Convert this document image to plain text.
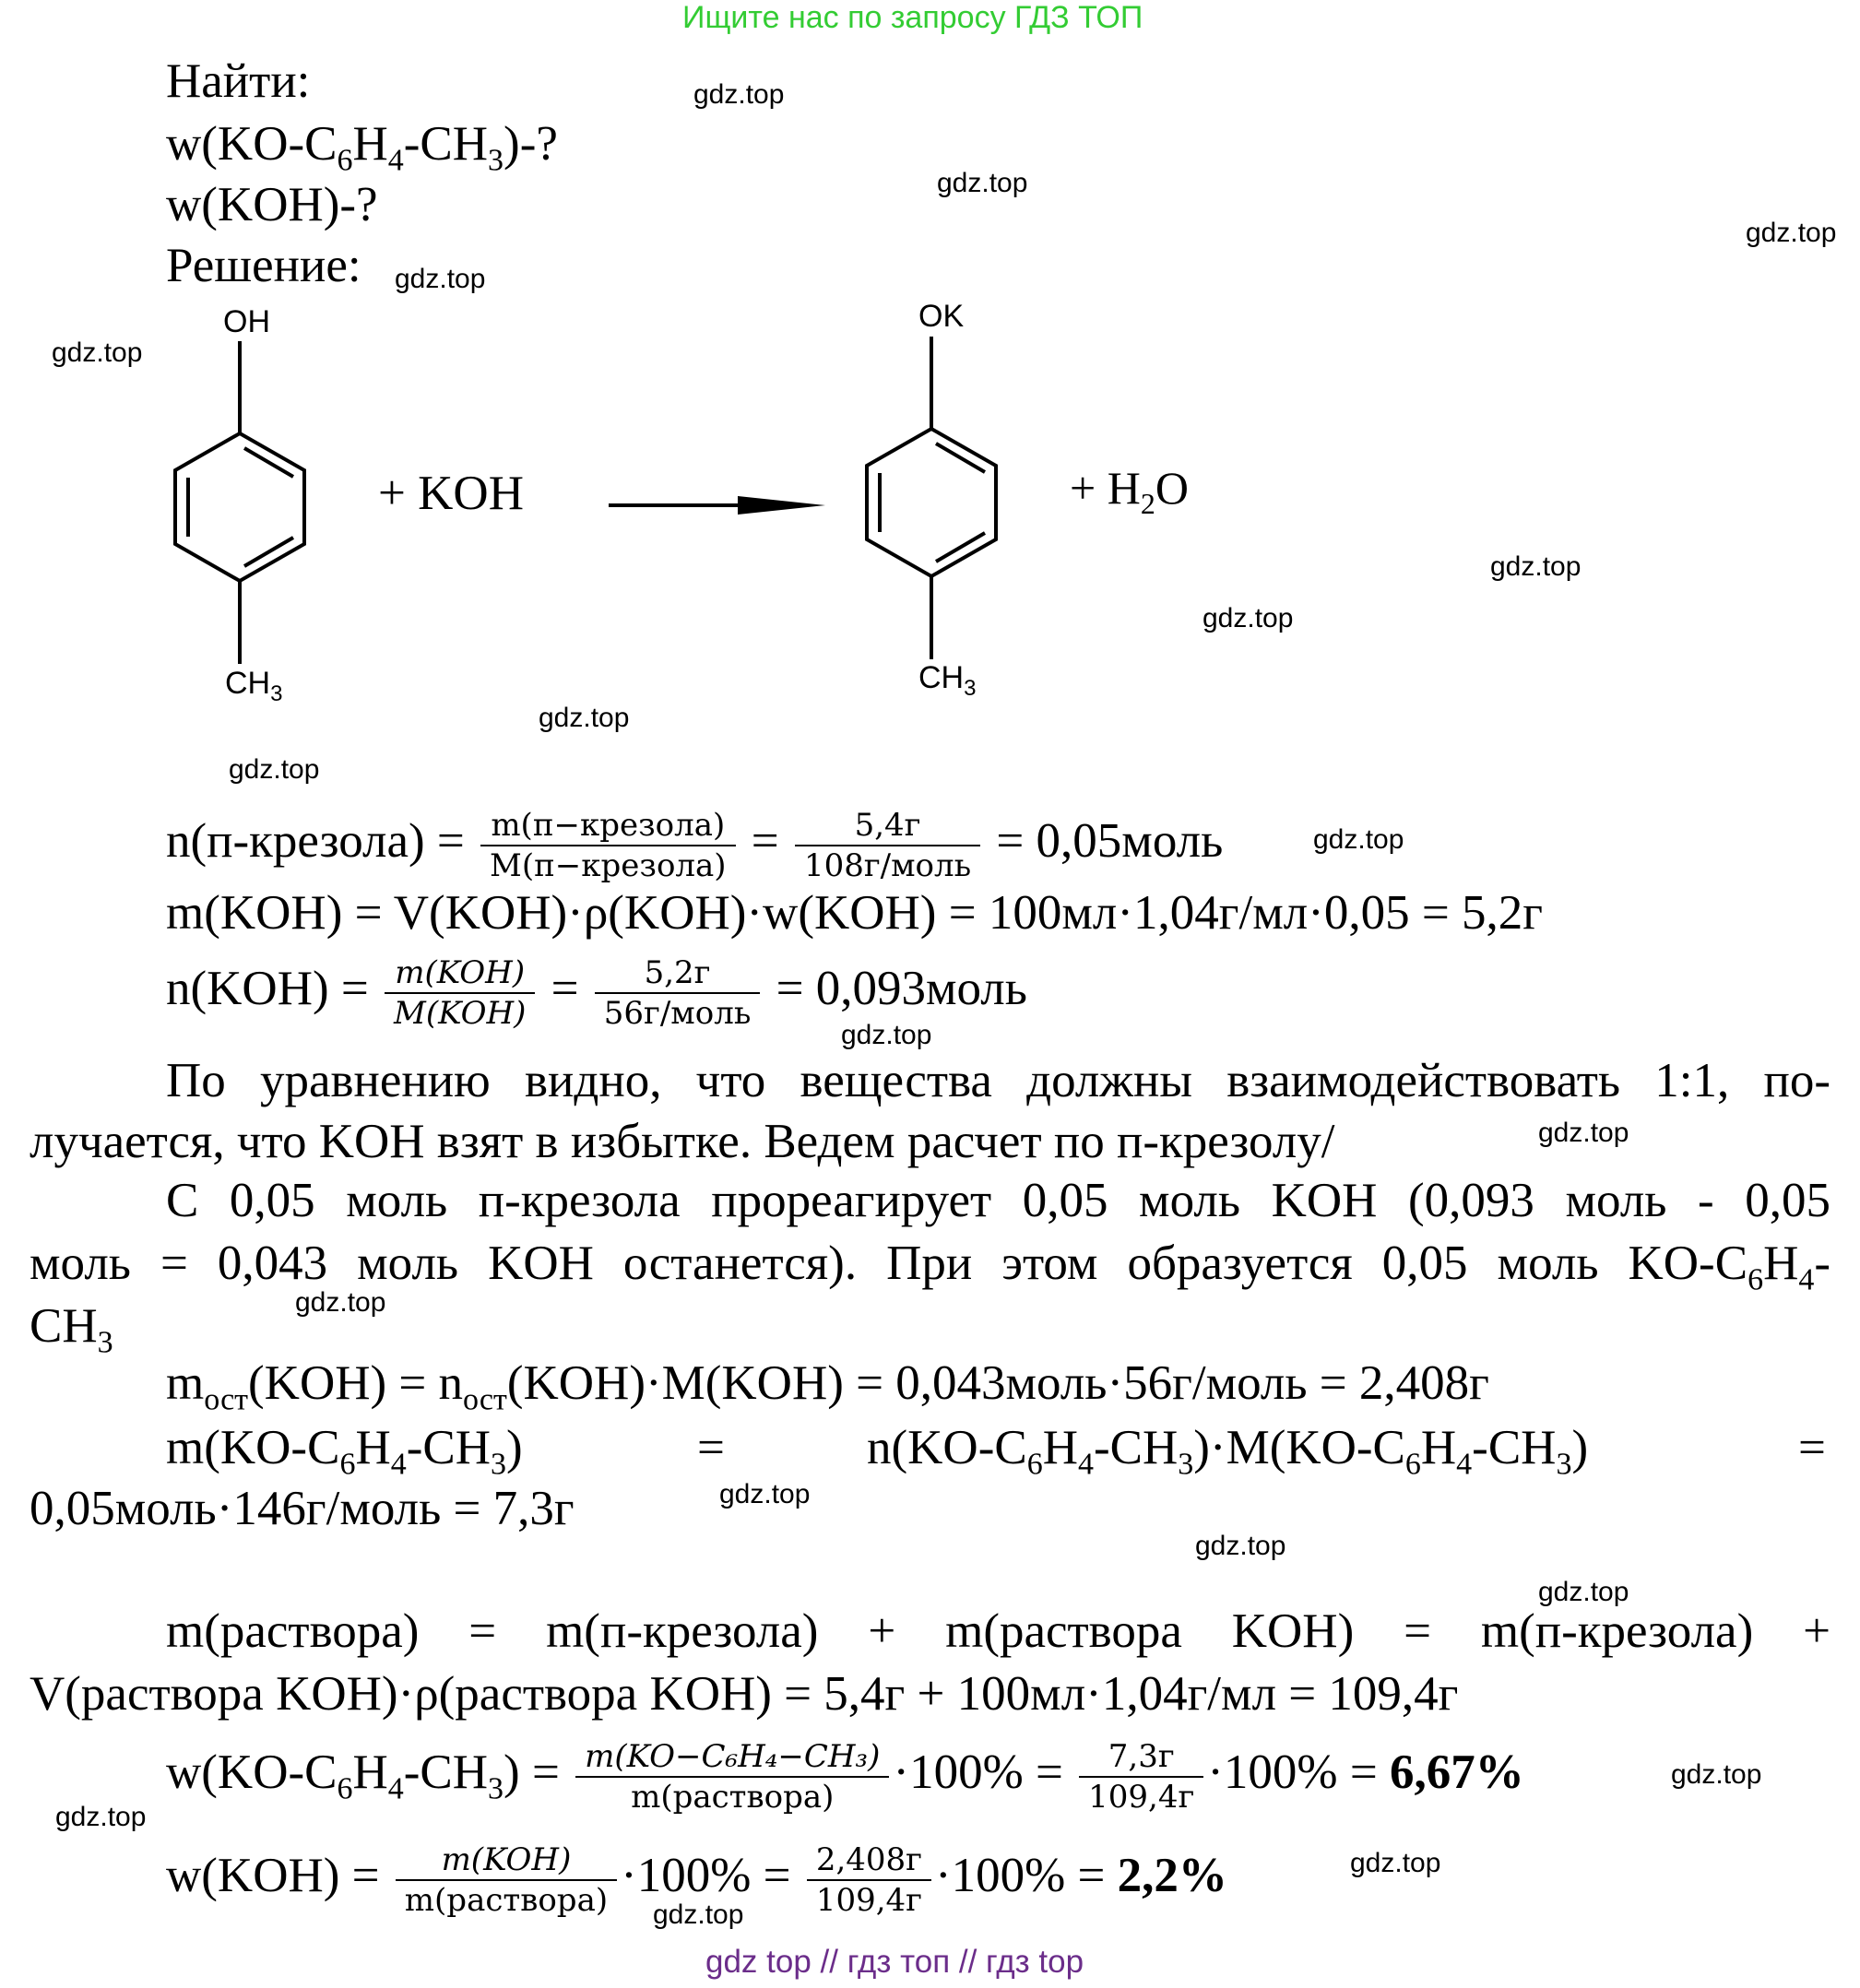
Ищите нас по запросу ГДЗ ТОП
Найти:
$w(KO-C_6H_4-CH_3)-$?
w(KOH)-?
Решение:
OH
$CH_3$
+ KOH
OK
$CH_3$
+ $H_2O$
n(п-крезола) = $\frac{\text{m(п−крезола)}}{\text{M(п−крезола)}} = \frac{5,4г}{\text{108г/моль}}$ = 0,05моль
m(KOH) = V(KOH)·ρ(KOH)·w(KOH) = 100мл·1,04г/мл·0,05 = 5,2г
$n(KOH) = \frac{\text{m(KOH)}}{\text{M(KOH)}} = \frac{5,2г}{\text{56г/моль}}$ = 0,093моль
По уравнению видно, что вещества должны взаимодействовать 1:1, по-
лучается, что KOH взят в избытке. Ведем расчет по п-крезолу/
С 0,05 моль п-крезола прореагирует 0,05 моль KOH (0,093 моль - 0,05
моль = 0,043 моль KOH останется). При этом образуется 0,05 моль $KO-C_6H_4-$
$CH_3$
$m_{ост}(KOH) = n_{ост}(KOH)\cdot M(KOH)$ = 0,043моль·56г/моль = 2,408г
$m(KO-C_6H_4-CH_3)$	=	$n(KO-C_6H_4-CH_3)\cdot M(KO-C_6H_4-CH_3)$	=
0,05моль·146г/моль = 7,3г
m(раствора) = m(п-крезола) + m(раствора KOH) = m(п-крезола) +
V(раствора KOH)·ρ(раствора KOH) = 5,4г + 100мл·1,04г/мл = 109,4г
$w(KO-C_6H_4-CH_3) = \frac{\text{m(KO−C₆H₄−CH₃)}}{\text{m(раствора)}} \cdot 100\% = \frac{7,3г}{109,4г} \cdot 100\% = 6,67\%$
$w(KOH) = \frac{\text{m(KOH)}}{\text{m(раствора)}} \cdot 100\% = \frac{2,408г}{109,4г} \cdot 100\% = 2,2\%$
gdz top // гдз топ // гдз top
gdz.top
gdz.top
gdz.top
gdz.top
gdz.top
gdz.top
gdz.top
gdz.top
gdz.top
gdz.top
gdz.top
gdz.top
gdz.top
gdz.top
gdz.top
gdz.top
gdz.top
gdz.top
gdz.top
gdz.top
